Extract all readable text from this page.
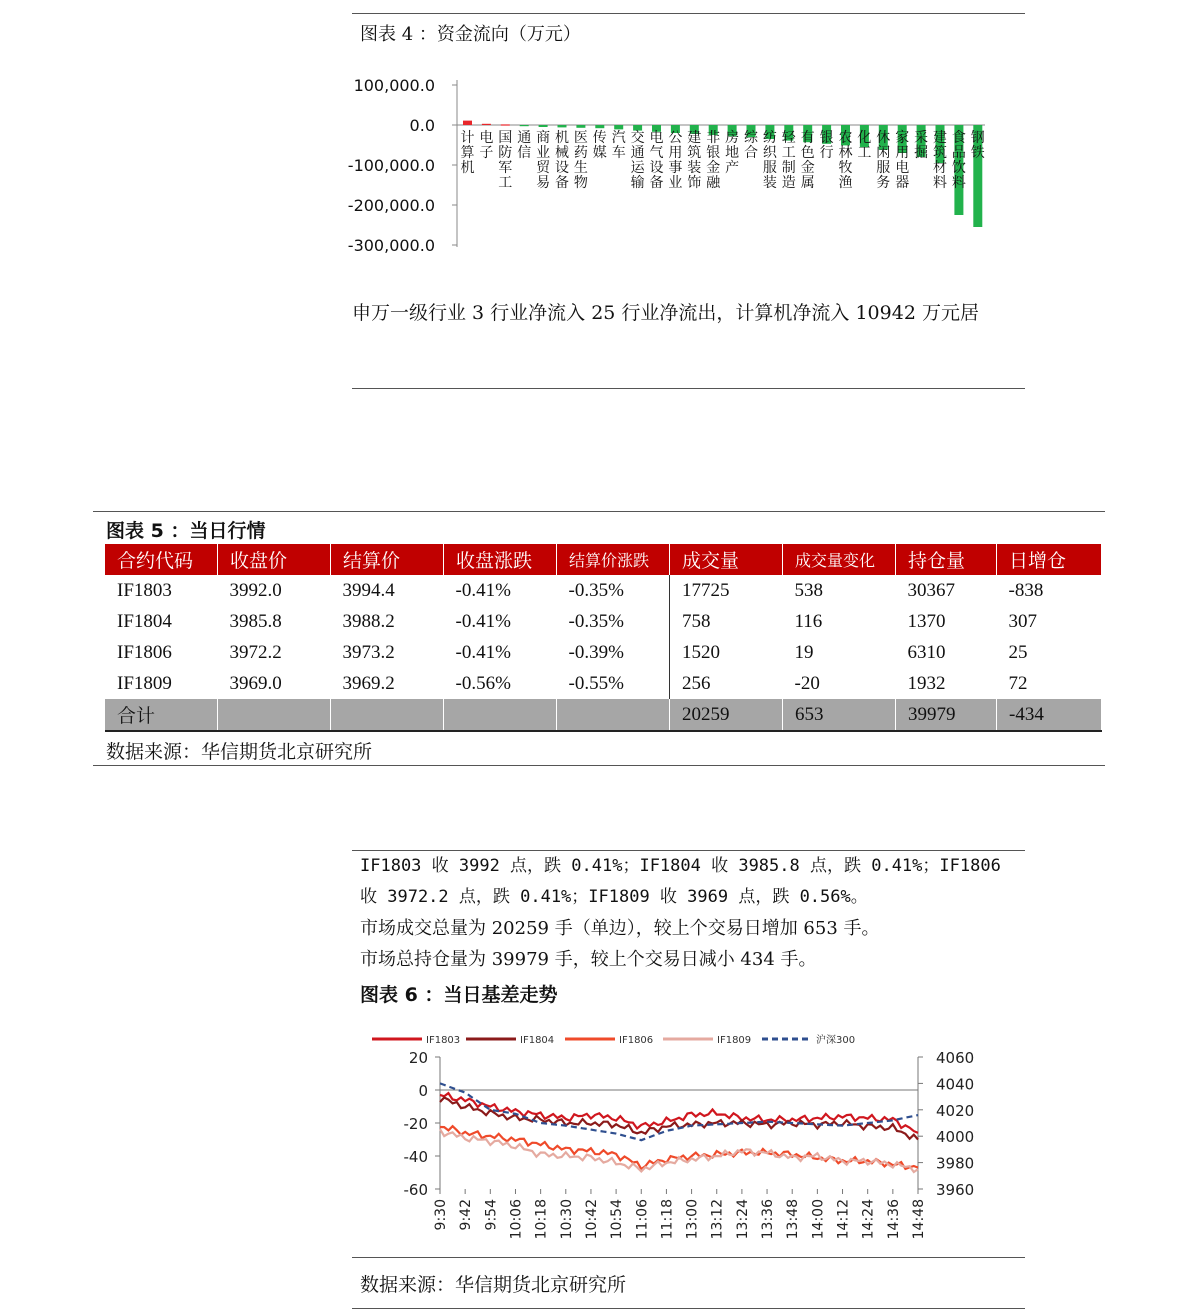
图表 4 ：资金流向（万元）
100,000.0
0.0
-100,000.0
-200,000.0
-300,000.0
计算机
电子
国防军工
通信
商业贸易
机械设备
医药生物
传媒
汽车
交通运输
电气设备
公用事业
建筑装饰
非银金融
房地产
综合
纺织服装
轻工制造
有色金属
银行
农林牧渔
化工
休闲服务
家用电器
采掘
建筑材料
食品饮料
钢铁
申万一级行业 3 行业净流入 25 行业净流出，计算机净流入 10942 万元居
图表 5 ：当日行情
合约代码	收盘价	结算价	收盘涨跌	结算价涨跌	成交量	成交量变化	持仓量	日增仓
IF1803	3992.0	3994.4	-0.41%	-0.35%	17725	538	30367	-838
IF1804	3985.8	3988.2	-0.41%	-0.35%	758	116	1370	307
IF1806	3972.2	3973.2	-0.41%	-0.39%	1520	19	6310	25
IF1809	3969.0	3969.2	-0.56%	-0.55%	256	-20	1932	72
合计					20259	653	39979	-434
数据来源：华信期货北京研究所
IF1803 收 3992 点，跌 0.41%；IF1804 收 3985.8 点，跌 0.41%；IF1806
收 3972.2 点，跌 0.41%；IF1809 收 3969 点，跌 0.56%。
市场成交总量为 20259 手（单边），较上个交易日增加 653 手。
市场总持仓量为 39979 手，较上个交易日减小 434 手。
图表 6 ：当日基差走势
IF1803	IF1804	IF1806	IF1809	沪深300
20
0
-20
-40
-60
4060
4040
4020
4000
3980
3960
9:30 9:42 9:54 10:06 10:18 10:30 10:42 10:54 11:06 11:18 13:00 13:12 13:24 13:36 13:48 14:00 14:12 14:24 14:36 14:48
数据来源：华信期货北京研究所
